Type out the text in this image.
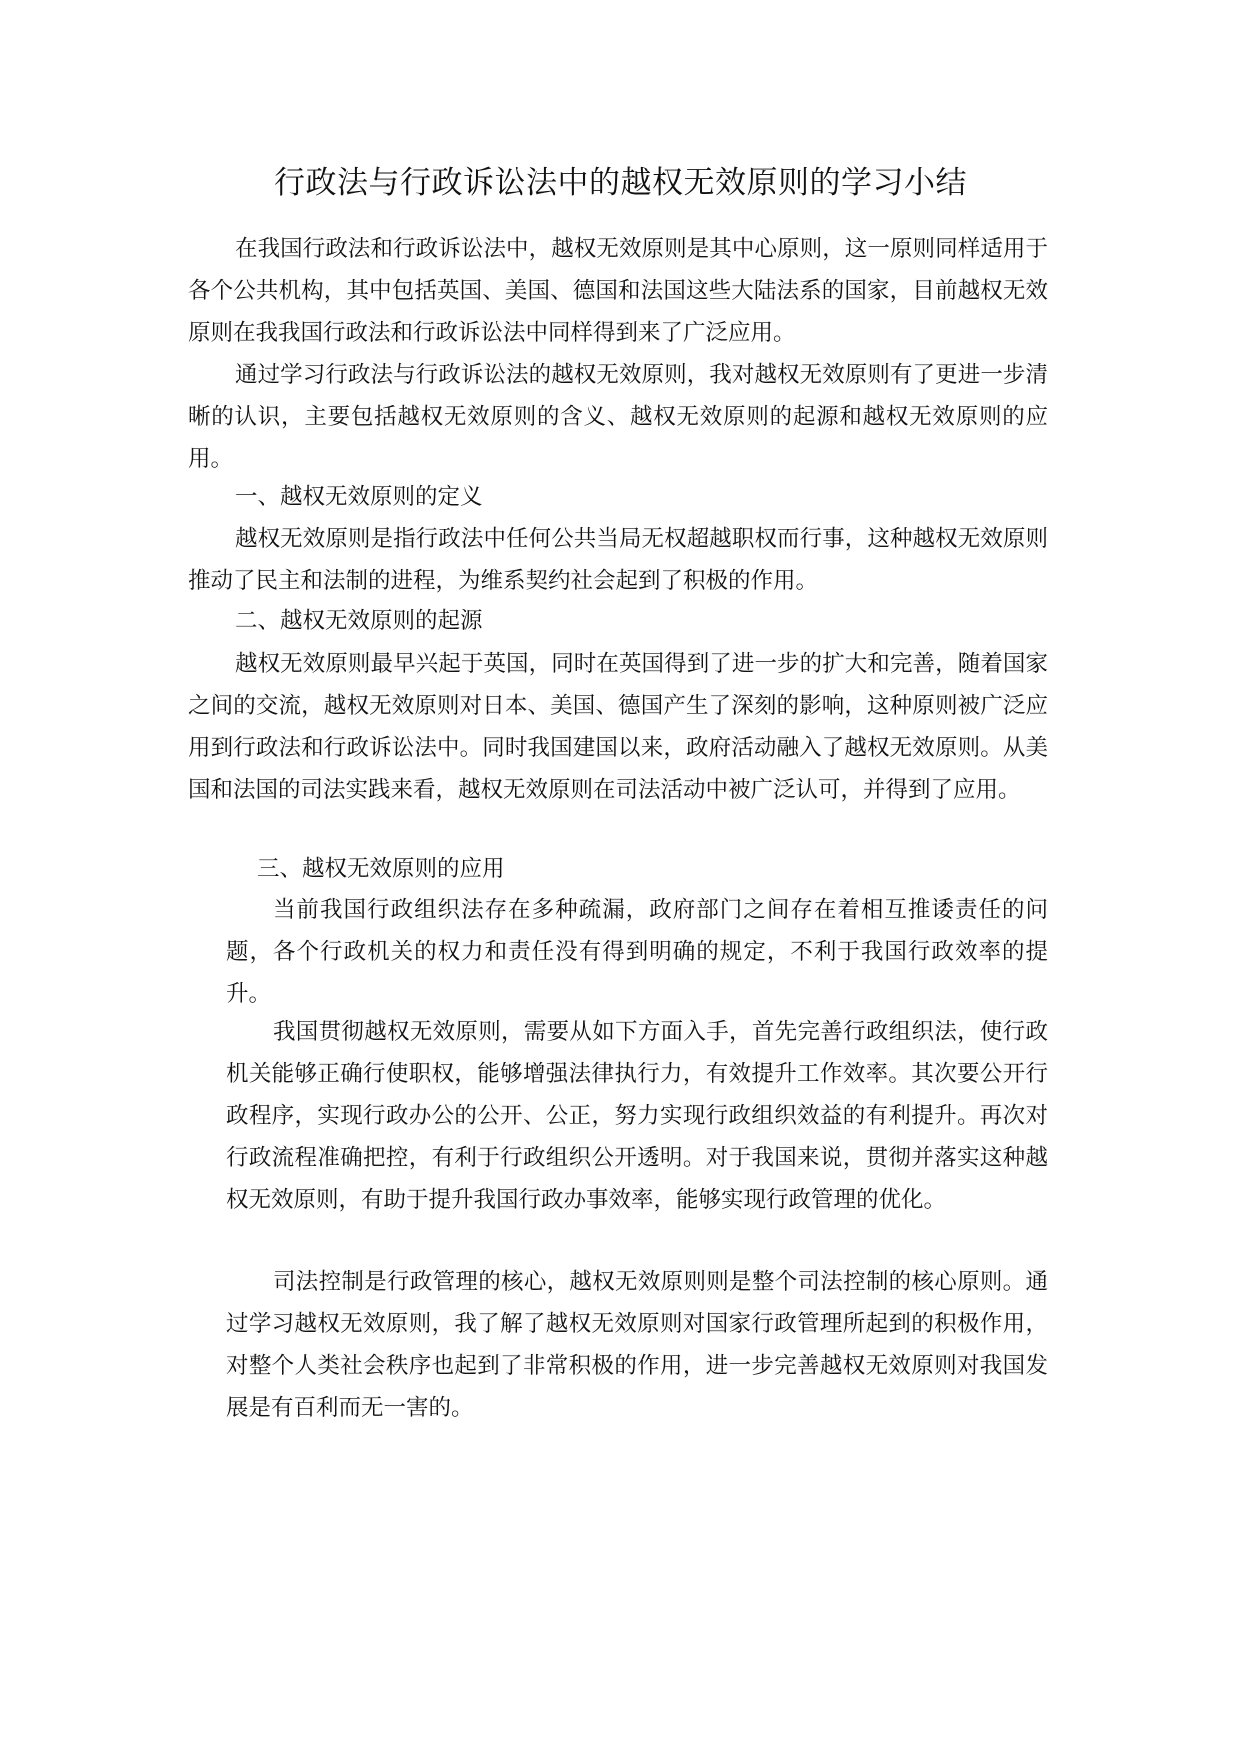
行政法与行政诉讼法中的越权无效原则的学习小结

在我国行政法和行政诉讼法中，越权无效原则是其中心原则，这一原则同样适用于各个公共机构，其中包括英国、美国、德国和法国这些大陆法系的国家，目前越权无效原则在我我国行政法和行政诉讼法中同样得到来了广泛应用。

通过学习行政法与行政诉讼法的越权无效原则，我对越权无效原则有了更进一步清晰的认识，主要包括越权无效原则的含义、越权无效原则的起源和越权无效原则的应用。

一、越权无效原则的定义

越权无效原则是指行政法中任何公共当局无权超越职权而行事，这种越权无效原则推动了民主和法制的进程，为维系契约社会起到了积极的作用。

二、越权无效原则的起源

越权无效原则最早兴起于英国，同时在英国得到了进一步的扩大和完善，随着国家之间的交流，越权无效原则对日本、美国、德国产生了深刻的影响，这种原则被广泛应用到行政法和行政诉讼法中。同时我国建国以来，政府活动融入了越权无效原则。从美国和法国的司法实践来看，越权无效原则在司法活动中被广泛认可，并得到了应用。

三、越权无效原则的应用

当前我国行政组织法存在多种疏漏，政府部门之间存在着相互推诿责任的问题，各个行政机关的权力和责任没有得到明确的规定，不利于我国行政效率的提升。

我国贯彻越权无效原则，需要从如下方面入手，首先完善行政组织法，使行政机关能够正确行使职权，能够增强法律执行力，有效提升工作效率。其次要公开行政程序，实现行政办公的公开、公正，努力实现行政组织效益的有利提升。再次对行政流程准确把控，有利于行政组织公开透明。对于我国来说，贯彻并落实这种越权无效原则，有助于提升我国行政办事效率，能够实现行政管理的优化。

司法控制是行政管理的核心，越权无效原则则是整个司法控制的核心原则。通过学习越权无效原则，我了解了越权无效原则对国家行政管理所起到的积极作用，对整个人类社会秩序也起到了非常积极的作用，进一步完善越权无效原则对我国发展是有百利而无一害的。
